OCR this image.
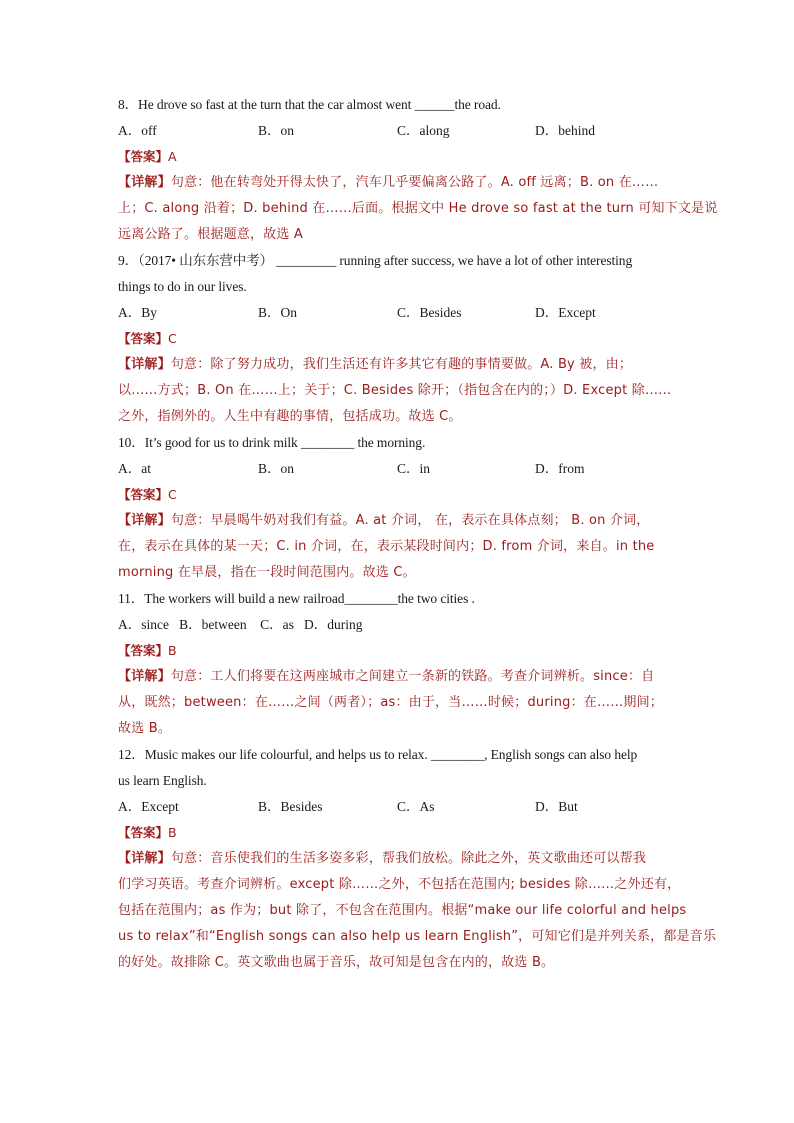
8．He drove so fast at the turn that the car almost went ______the road.
A．off	B．on	C．along	D．behind
【答案】A
【详解】句意：他在转弯处开得太快了，汽车几乎要偏离公路了。A. off 远离；B. on 在……
上；C. along 沿着；D. behind 在……后面。根据文中 He drove so fast at the turn 可知下文是说
远离公路了。根据题意，故选 A
9．（2017• 山东东营中考） _________ running after success, we have a lot of other interesting
things to do in our lives.
A．By	B．On	C．Besides	D．Except
【答案】C
【详解】句意：除了努力成功，我们生活还有许多其它有趣的事情要做。A. By 被，由；
以……方式；B. On 在……上；关于；C. Besides 除开；（指包含在内的；）D. Except 除……
之外，指例外的。人生中有趣的事情，包括成功。故选 C。
10．It’s good for us to drink milk ________ the morning.
A．at	B．on	C．in	D．from
【答案】C
【详解】句意：早晨喝牛奶对我们有益。A. at 介词， 在，表示在具体点刻； B. on 介词，
在，表示在具体的某一天；C. in 介词，在，表示某段时间内；D. from 介词，来自。in the
morning 在早晨，指在一段时间范围内。故选 C。
11．The workers will build a new railroad________the two cities .
A．since   B．between    C．as   D．during
【答案】B
【详解】句意：工人们将要在这两座城市之间建立一条新的铁路。考查介词辨析。since：自
从，既然；between：在……之间（两者）；as：由于，当……时候；during：在……期间；
故选 B。
12．Music makes our life colourful, and helps us to relax. ________, English songs can also help
us learn English.
A．Except	B．Besides	C．As	D．But
【答案】B
【详解】句意：音乐使我们的生活多姿多彩，帮我们放松。除此之外，英文歌曲还可以帮我
们学习英语。考查介词辨析。except 除……之外，不包括在范围内; besides 除……之外还有，
包括在范围内；as 作为；but 除了，不包含在范围内。根据“make our life colorful and helps
us to relax”和“English songs can also help us learn English”，可知它们是并列关系，都是音乐
的好处。故排除 C。英文歌曲也属于音乐，故可知是包含在内的，故选 B。
